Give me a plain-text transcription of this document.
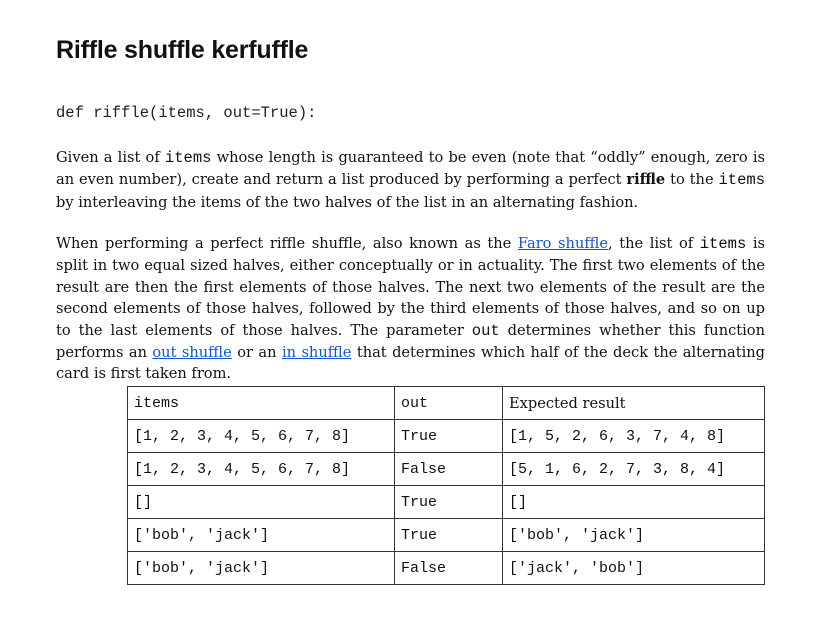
Riffle shuffle kerfuffle
def riffle(items, out=True):

Given a list of items whose length is guaranteed to be even (note that “oddly” enough, zero is an even number), create and return a list produced by performing a perfect riffle to the items by interleaving the items of the two halves of the list in an alternating fashion.

When performing a perfect riffle shuffle, also known as the Faro shuffle, the list of items is split in two equal sized halves, either conceptually or in actuality. The first two elements of the result are then the first elements of those halves. The next two elements of the result are the second elements of those halves, followed by the third elements of those halves, and so on up to the last elements of those halves. The parameter out determines whether this function performs an out shuffle or an in shuffle that determines which half of the deck the alternating card is first taken from.

items	out	Expected result
[1, 2, 3, 4, 5, 6, 7, 8]	True	[1, 5, 2, 6, 3, 7, 4, 8]
[1, 2, 3, 4, 5, 6, 7, 8]	False	[5, 1, 6, 2, 7, 3, 8, 4]
[]	True	[]
['bob', 'jack']	True	['bob', 'jack']
['bob', 'jack']	False	['jack', 'bob']
